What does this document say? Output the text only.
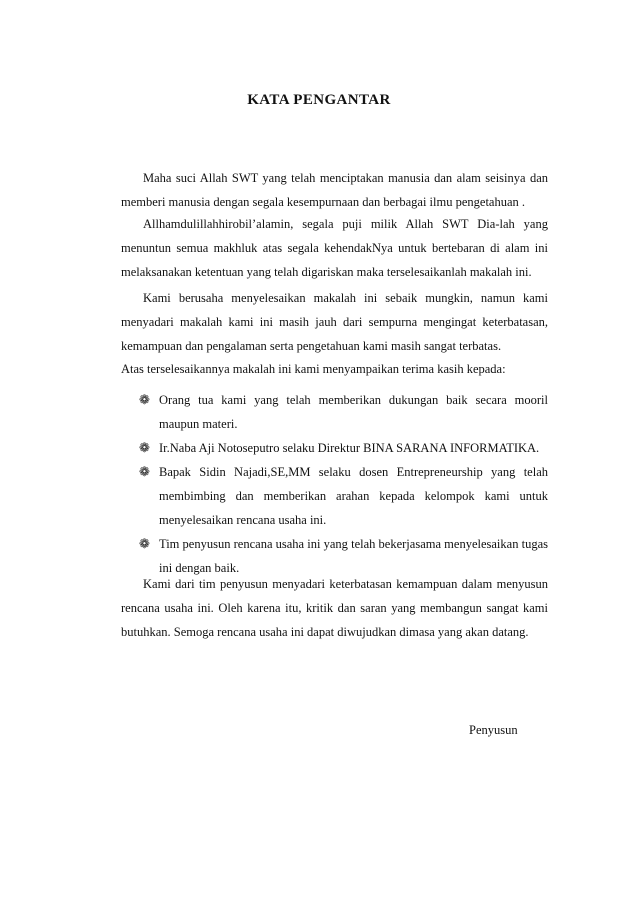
KATA PENGANTAR
Maha suci Allah SWT yang telah menciptakan manusia dan alam seisinya dan memberi manusia dengan segala kesempurnaan dan berbagai ilmu pengetahuan .
Allhamdulillahhirobil’alamin, segala puji milik Allah SWT Dia-lah yang menuntun semua makhluk atas segala kehendakNya untuk bertebaran di alam ini melaksanakan ketentuan yang telah digariskan maka terselesaikanlah makalah ini.
Kami berusaha menyelesaikan makalah ini sebaik mungkin, namun kami menyadari makalah kami ini masih jauh dari sempurna mengingat keterbatasan, kemampuan dan pengalaman serta pengetahuan kami masih sangat terbatas.
Atas terselesaikannya makalah ini kami menyampaikan terima kasih kepada:
❁ Orang tua kami yang telah memberikan dukungan baik secara mooril maupun materi.
❁ Ir.Naba Aji Notoseputro selaku Direktur BINA SARANA INFORMATIKA.
❁ Bapak Sidin Najadi,SE,MM selaku dosen Entrepreneurship yang telah membimbing dan memberikan arahan kepada kelompok kami untuk menyelesaikan rencana usaha ini.
❁ Tim penyusun rencana usaha ini yang telah bekerjasama menyelesaikan tugas ini dengan baik.
Kami dari tim penyusun menyadari keterbatasan kemampuan dalam menyusun rencana usaha ini. Oleh karena itu, kritik dan saran yang membangun sangat kami butuhkan. Semoga rencana usaha ini dapat diwujudkan dimasa yang akan datang.
Penyusun
